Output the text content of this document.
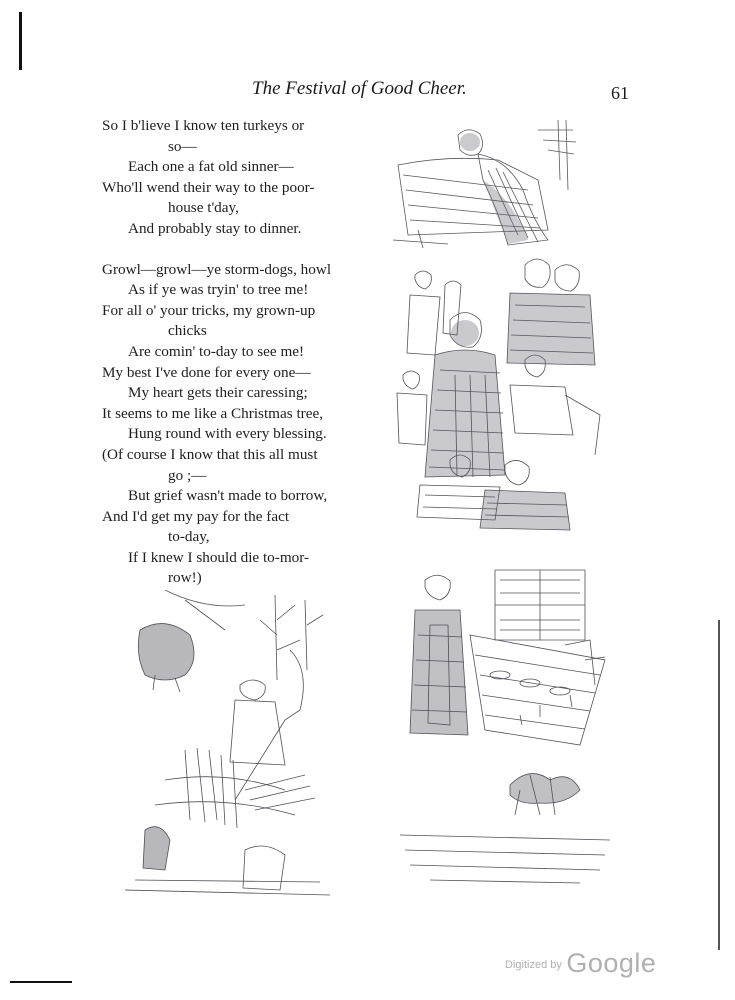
The Festival of Good Cheer.	61
So I b'lieve I know ten turkeys or
so—
Each one a fat old sinner—
Who'll wend their way to the poor-
house t'day,
And probably stay to dinner.
Growl—growl—ye storm-dogs, howl
As if ye was tryin' to tree me!
For all o' your tricks, my grown-up
chicks
Are comin' to-day to see me!
My best I've done for every one—
My heart gets their caressing;
It seems to me like a Christmas tree,
Hung round with every blessing.
(Of course I know that this all must
go ;—
But grief wasn't made to borrow,
And I'd get my pay for the fact
to-day,
If I knew I should die to-mor-
row!)
$^{Digitized by}$ Google
